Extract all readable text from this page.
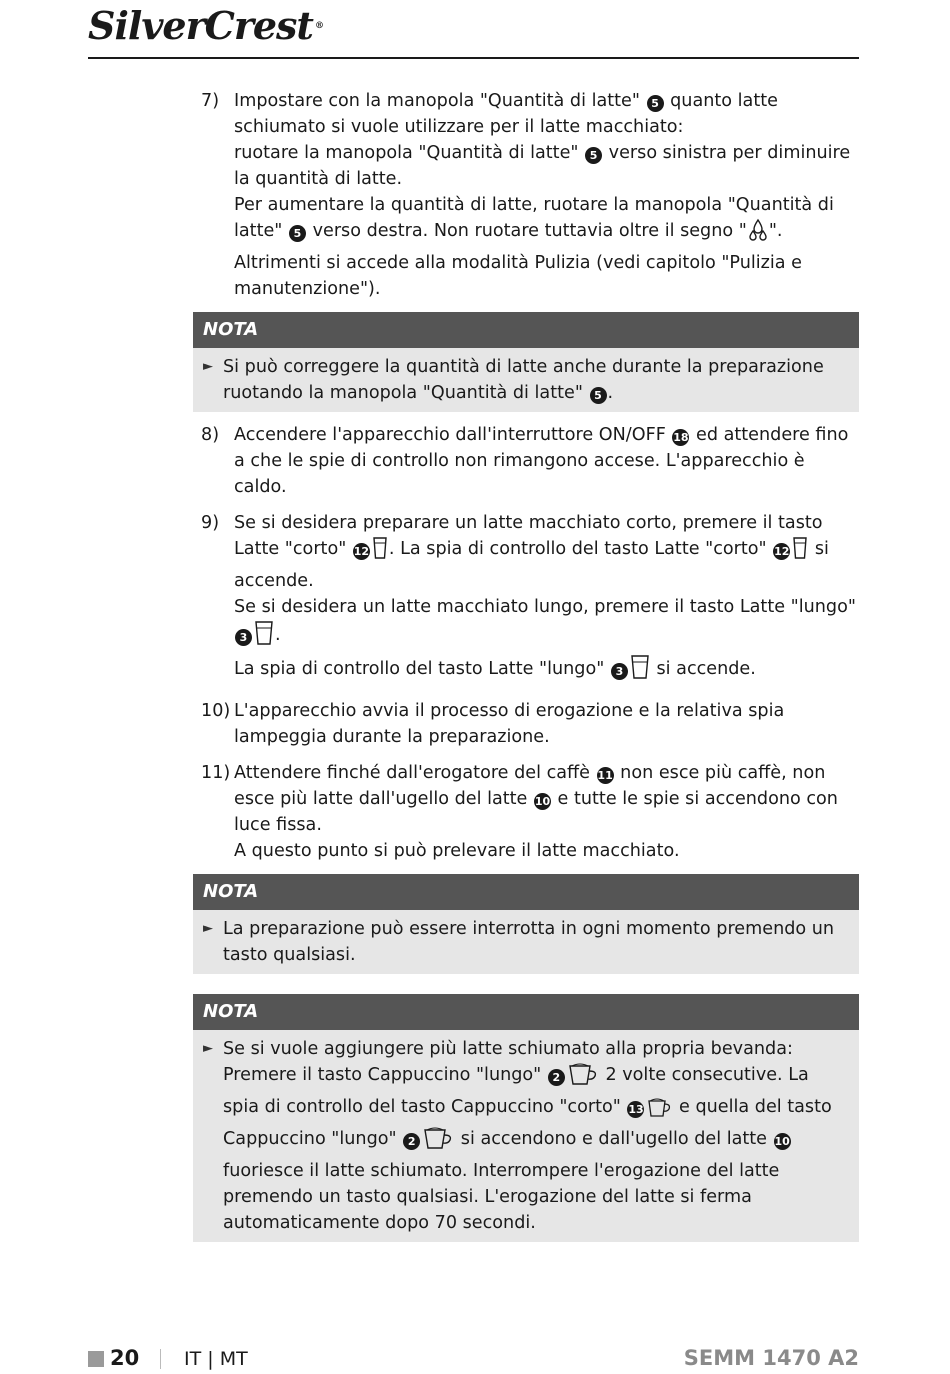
SilverCrest ®
7) Impostare con la manopola "Quantità di latte" 5 quanto latte schiumato si vuole utilizzare per il latte macchiato:
ruotare la manopola "Quantità di latte" 5 verso sinistra per diminuire la quantità di latte.
Per aumentare la quantità di latte, ruotare la manopola "Quantità di latte" 5 verso destra. Non ruotare tuttavia oltre il segno " ". Altrimenti si accede alla modalità Pulizia (vedi capitolo "Pulizia e manutenzione").

NOTA
► Si può correggere la quantità di latte anche durante la preparazione ruotando la manopola "Quantità di latte" 5 .

8) Accendere l'apparecchio dall'interruttore ON/OFF 18 ed attendere fino a che le spie di controllo non rimangono accese. L'apparecchio è caldo.

9) Se si desidera preparare un latte macchiato corto, premere il tasto Latte "corto" 12 . La spia di controllo del tasto Latte "corto" 12 si accende.
Se si desidera un latte macchiato lungo, premere il tasto Latte "lungo" 3 .
La spia di controllo del tasto Latte "lungo" 3 si accende.

10) L'apparecchio avvia il processo di erogazione e la relativa spia lampeggia durante la preparazione.

11) Attendere finché dall'erogatore del caffè 11 non esce più caffè, non esce più latte dall'ugello del latte 10 e tutte le spie si accendono con luce fissa.
A questo punto si può prelevare il latte macchiato.

NOTA
► La preparazione può essere interrotta in ogni momento premendo un tasto qualsiasi.

NOTA
► Se si vuole aggiungere più latte schiumato alla propria bevanda:
Premere il tasto Cappuccino "lungo" 2 2 volte consecutive. La spia di controllo del tasto Cappuccino "corto" 13 e quella del tasto Cappuccino "lungo" 2 si accendono e dall'ugello del latte 10 fuoriesce il latte schiumato. Interrompere l'erogazione del latte premendo un tasto qualsiasi. L'erogazione del latte si ferma automaticamente dopo 70 secondi.

20 IT | MT	SEMM 1470 A2
